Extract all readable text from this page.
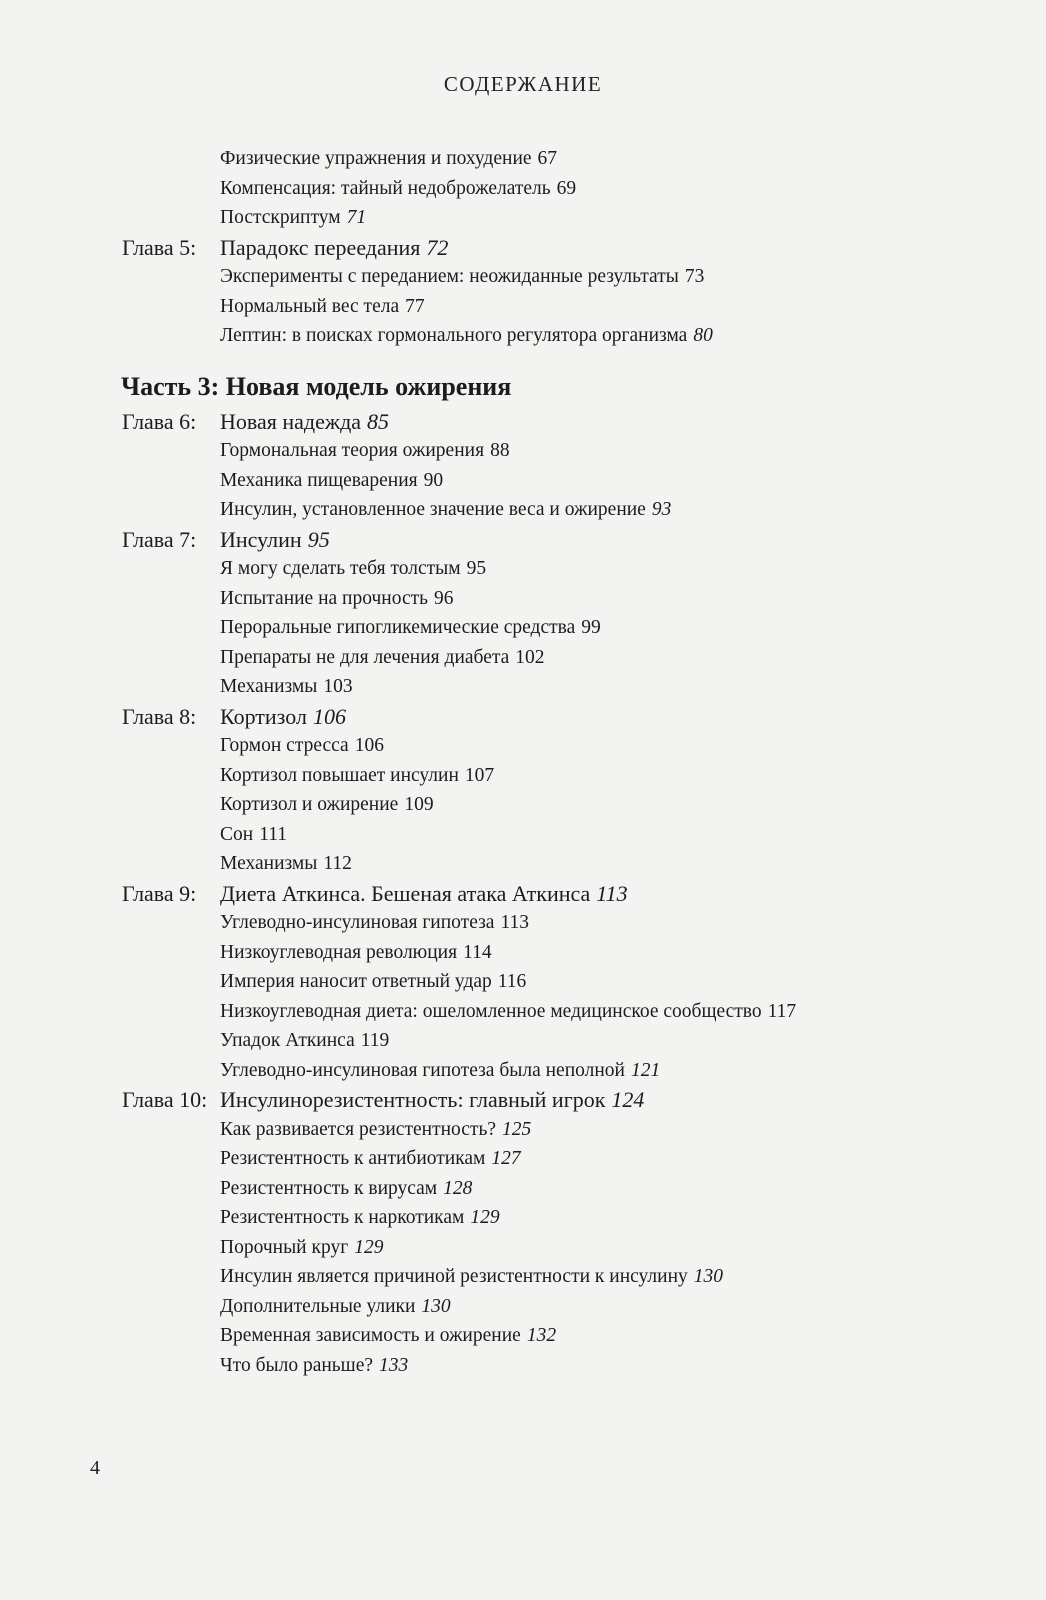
СОДЕРЖАНИЕ
Физические упражнения и похудение 67
Компенсация: тайный недоброжелатель 69
Постскриптум 71
Глава 5: Парадокс переедания 72
Эксперименты с переданием: неожиданные результаты 73
Нормальный вес тела 77
Лептин: в поисках гормонального регулятора организма 80
Часть 3: Новая модель ожирения
Глава 6: Новая надежда 85
Гормональная теория ожирения 88
Механика пищеварения 90
Инсулин, установленное значение веса и ожирение 93
Глава 7: Инсулин 95
Я могу сделать тебя толстым 95
Испытание на прочность 96
Пероральные гипогликемические средства 99
Препараты не для лечения диабета 102
Механизмы 103
Глава 8: Кортизол 106
Гормон стресса 106
Кортизол повышает инсулин 107
Кортизол и ожирение 109
Сон 111
Механизмы 112
Глава 9: Диета Аткинса. Бешеная атака Аткинса 113
Углеводно-инсулиновая гипотеза 113
Низкоуглеводная революция 114
Империя наносит ответный удар 116
Низкоуглеводная диета: ошеломленное медицинское сообщество 117
Упадок Аткинса 119
Углеводно-инсулиновая гипотеза была неполной 121
Глава 10: Инсулинорезистентность: главный игрок 124
Как развивается резистентность? 125
Резистентность к антибиотикам 127
Резистентность к вирусам 128
Резистентность к наркотикам 129
Порочный круг 129
Инсулин является причиной резистентности к инсулину 130
Дополнительные улики 130
Временная зависимость и ожирение 132
Что было раньше? 133
4
